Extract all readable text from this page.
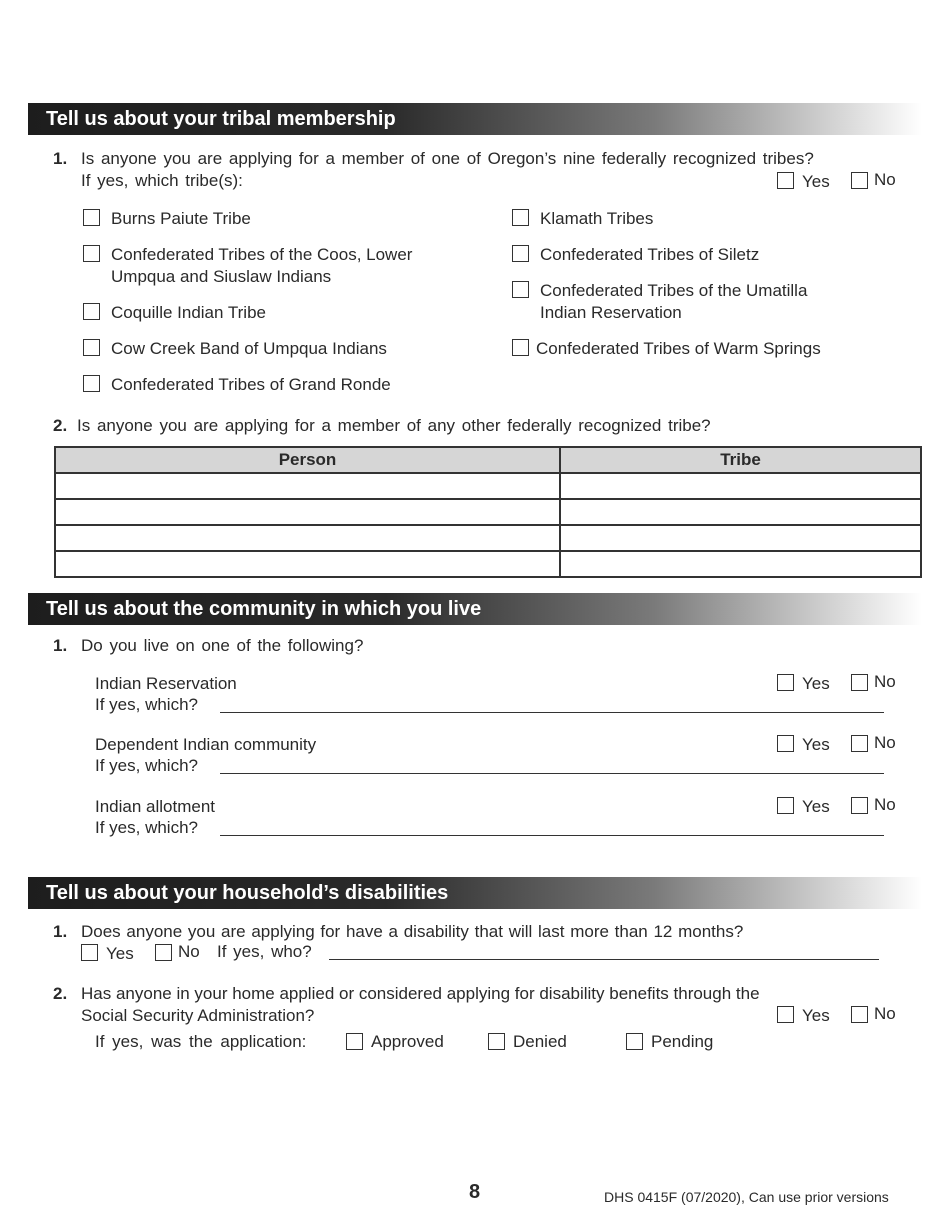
Tell us about your tribal membership
1. Is anyone you are applying for a member of one of Oregon’s nine federally recognized tribes?
If yes, which tribe(s):	Yes	No
Burns Paiute Tribe
Confederated Tribes of the Coos, Lower
Umpqua and Siuslaw Indians
Coquille Indian Tribe
Cow Creek Band of Umpqua Indians
Confederated Tribes of Grand Ronde
Klamath Tribes
Confederated Tribes of Siletz
Confederated Tribes of the Umatilla
Indian Reservation
Confederated Tribes of Warm Springs
2. Is anyone you are applying for a member of any other federally recognized tribe?
Person	Tribe

Tell us about the community in which you live
1. Do you live on one of the following?
Indian Reservation
If yes, which?
Yes	No
Dependent Indian community
If yes, which?
Yes	No
Indian allotment
If yes, which?
Yes	No
Tell us about your household’s disabilities
1. Does anyone you are applying for have a disability that will last more than 12 months?
Yes	No If yes, who?
2. Has anyone in your home applied or considered applying for disability benefits through the
Social Security Administration?	Yes	No
If yes, was the application:	Approved	Denied	Pending
8	DHS 0415F (07/2020), Can use prior versions
